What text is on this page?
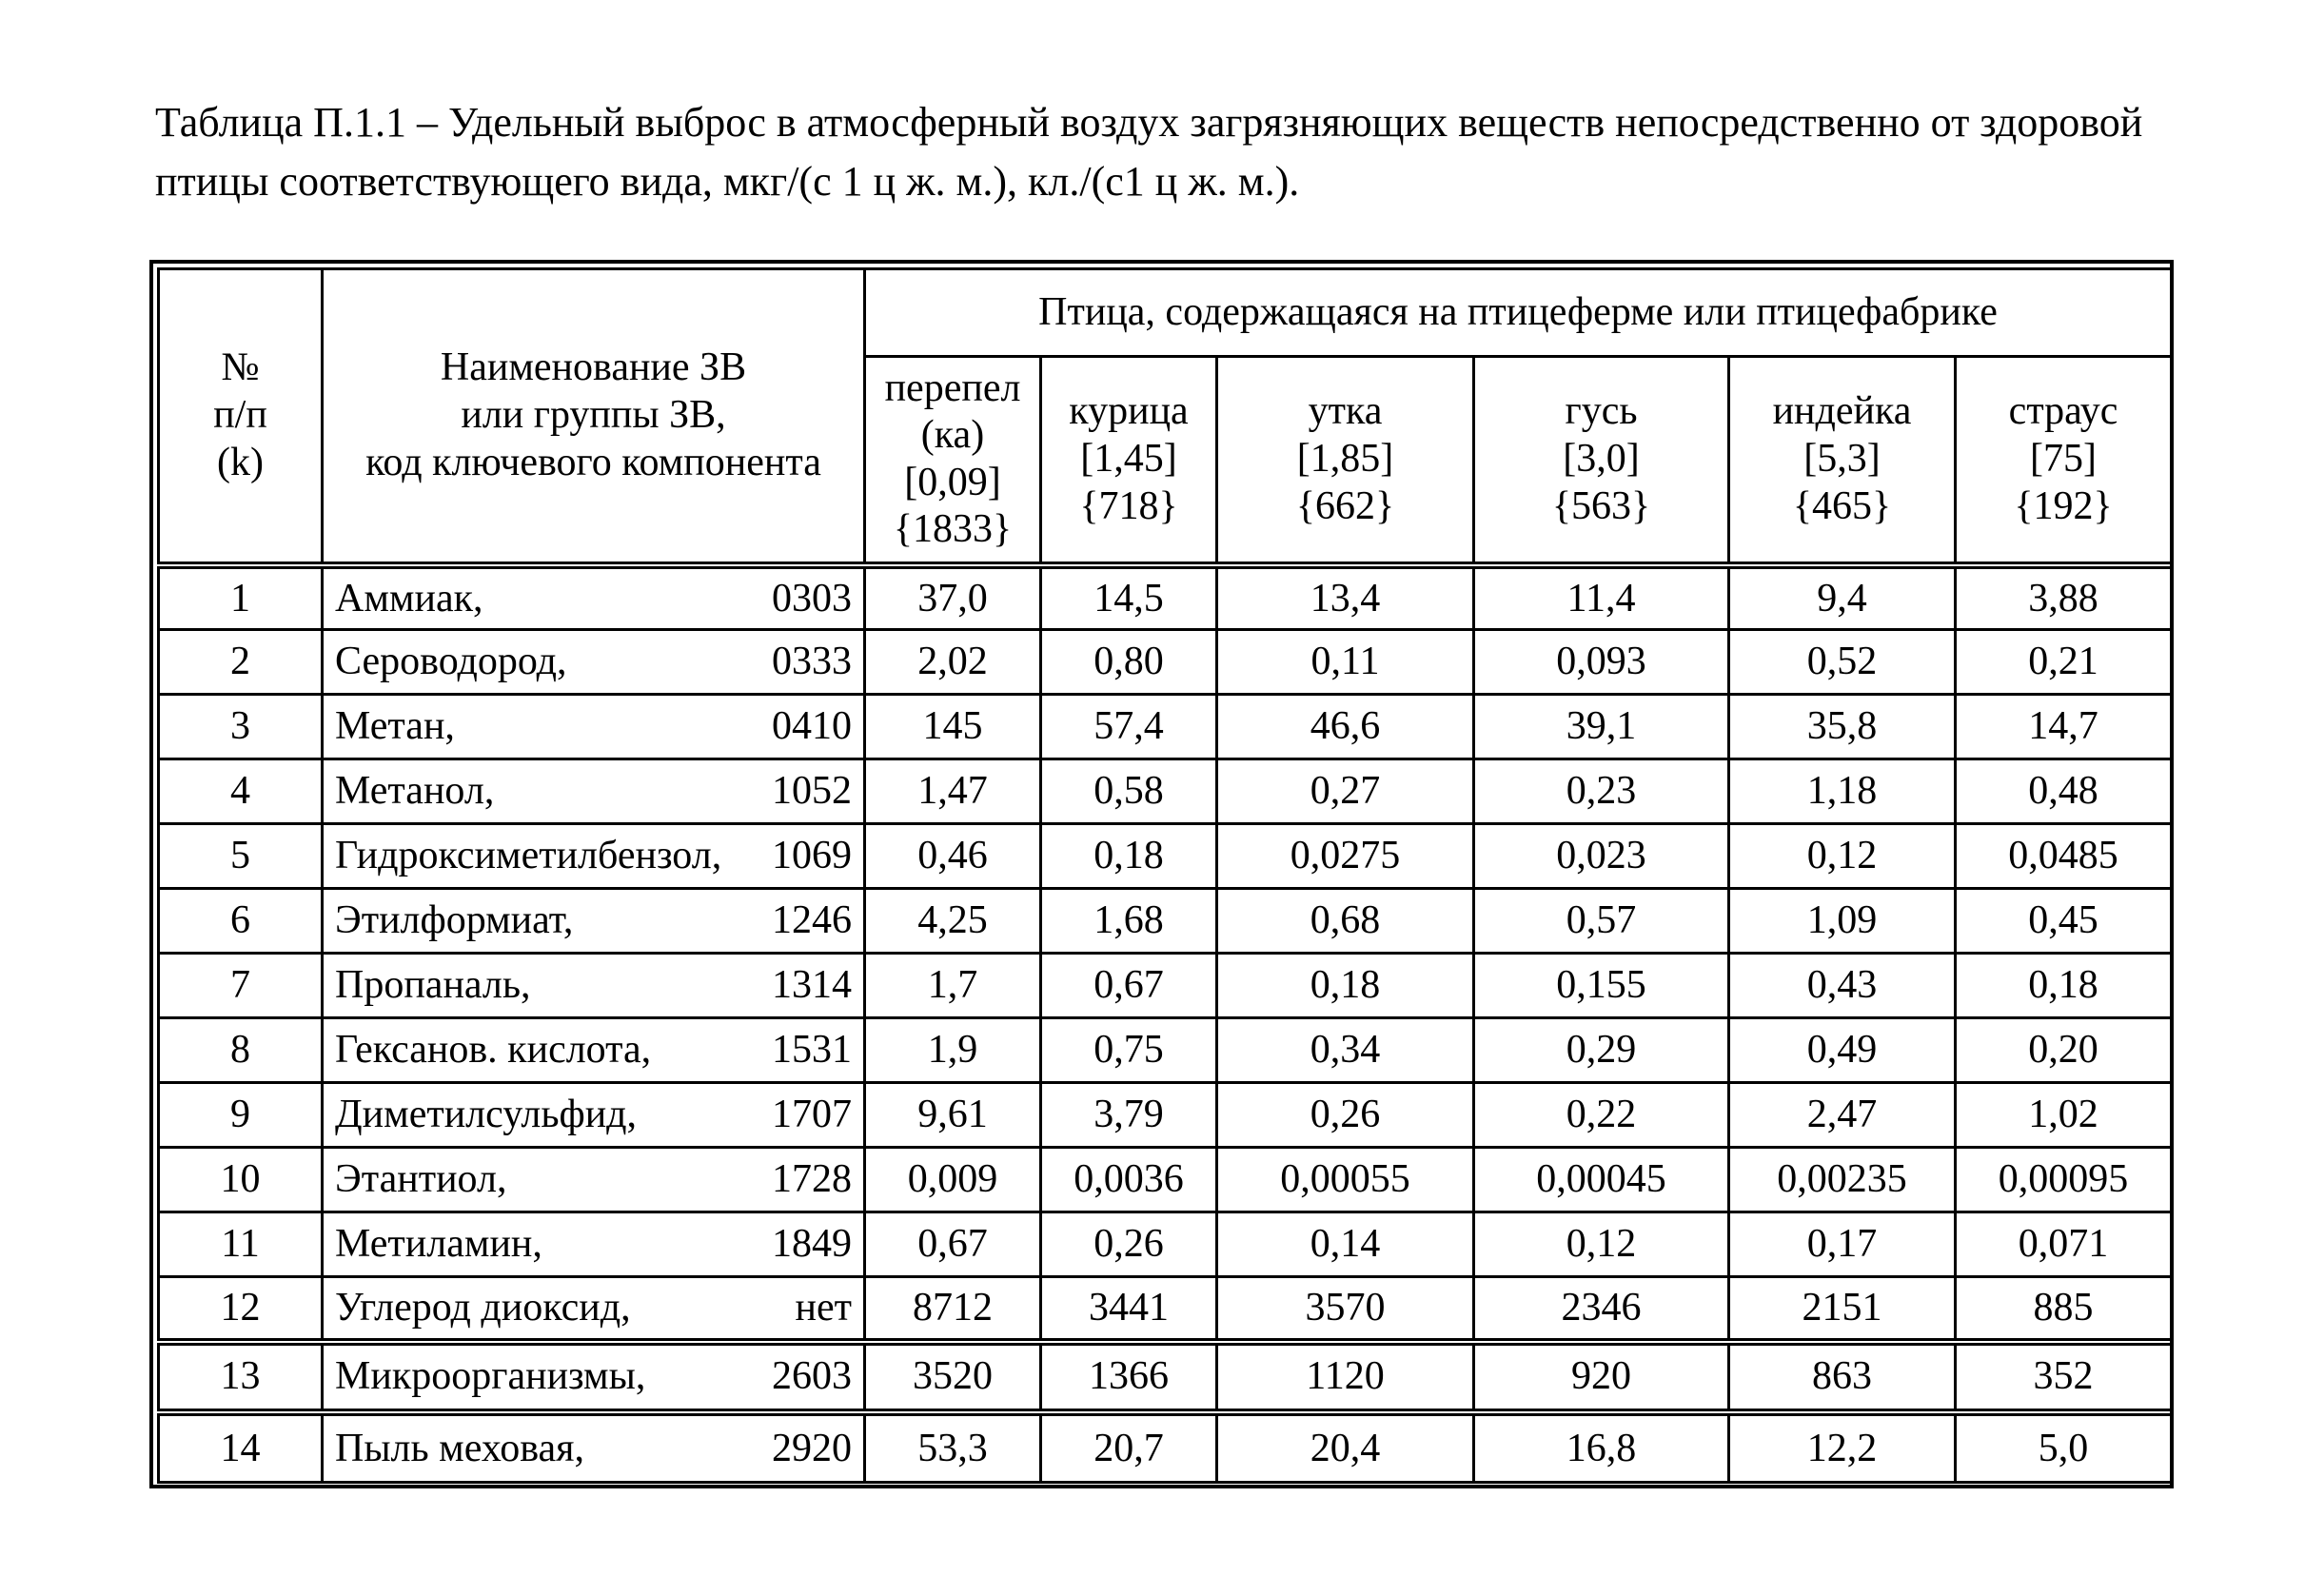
Таблица П.1.1 – Удельный выброс в атмосферный воздух загрязняющих веществ непосредственно от здоровой птицы соответствующего вида, мкг/(с 1 ц ж. м.), кл./(с1 ц ж. м.).

№
п/п
(k)	Наименование ЗВ
или группы ЗВ,
код ключевого компонента	Птица, содержащаяся на птицеферме или птицефабрике					

		перепел
(ка)
[0,09]
{1833}	курица
[1,45]
{718}	утка
[1,85]
{662}	гусь
[3,0]
{563}	индейка
[5,3]
{465}	страус
[75]
{192}

1	Аммиак, 0303	37,0	14,5	13,4	11,4	9,4	3,88
2	Сероводород, 0333	2,02	0,80	0,11	0,093	0,52	0,21
3	Метан, 0410	145	57,4	46,6	39,1	35,8	14,7
4	Метанол, 1052	1,47	0,58	0,27	0,23	1,18	0,48
5	Гидроксиметилбензол, 1069	0,46	0,18	0,0275	0,023	0,12	0,0485
6	Этилформиат, 1246	4,25	1,68	0,68	0,57	1,09	0,45
7	Пропаналь, 1314	1,7	0,67	0,18	0,155	0,43	0,18
8	Гексанов. кислота, 1531	1,9	0,75	0,34	0,29	0,49	0,20
9	Диметилсульфид, 1707	9,61	3,79	0,26	0,22	2,47	1,02
10	Этантиол, 1728	0,009	0,0036	0,00055	0,00045	0,00235	0,00095
11	Метиламин, 1849	0,67	0,26	0,14	0,12	0,17	0,071
12	Углерод диоксид, нет	8712	3441	3570	2346	2151	885
13	Микроорганизмы, 2603	3520	1366	1120	920	863	352
14	Пыль меховая, 2920	53,3	20,7	20,4	16,8	12,2	5,0
